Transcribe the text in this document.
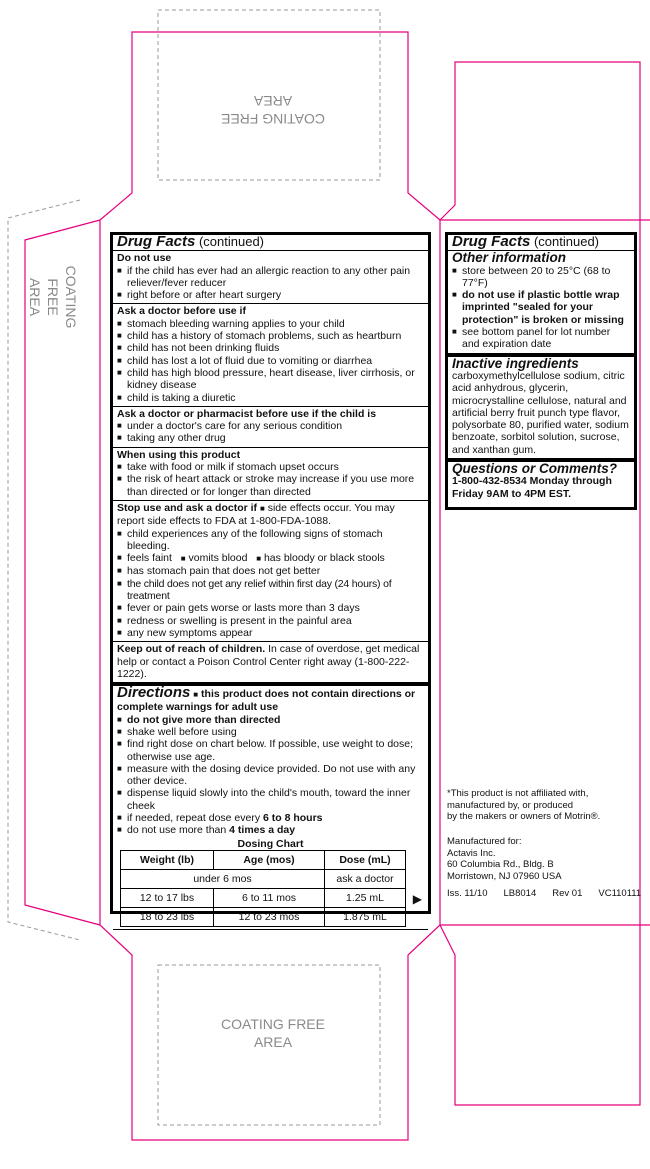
COATING FREE
AREA
COATING FREE
AREA
COATING FREE
AREA
Drug Facts (continued)
Do not use
■ if the child has ever had an allergic reaction to any other pain reliever/fever reducer
■ right before or after heart surgery
Ask a doctor before use if
■ stomach bleeding warning applies to your child
■ child has a history of stomach problems, such as heartburn
■ child has not been drinking fluids
■ child has lost a lot of fluid due to vomiting or diarrhea
■ child has high blood pressure, heart disease, liver cirrhosis, or kidney disease
■ child is taking a diuretic
Ask a doctor or pharmacist before use if the child is
■ under a doctor's care for any serious condition
■ taking any other drug
When using this product
■ take with food or milk if stomach upset occurs
■ the risk of heart attack or stroke may increase if you use more than directed or for longer than directed
Stop use and ask a doctor if ■ side effects occur. You may report side effects to FDA at 1-800-FDA-1088.
■ child experiences any of the following signs of stomach bleeding.
■ feels faint ■ vomits blood ■ has bloody or black stools
■ has stomach pain that does not get better
■ the child does not get any relief within first day (24 hours) of treatment
■ fever or pain gets worse or lasts more than 3 days
■ redness or swelling is present in the painful area
■ any new symptoms appear
Keep out of reach of children. In case of overdose, get medical help or contact a Poison Control Center right away (1-800-222-1222).
Directions ■ this product does not contain directions or complete warnings for adult use
■ do not give more than directed
■ shake well before using
■ find right dose on chart below. If possible, use weight to dose; otherwise use age.
■ measure with the dosing device provided. Do not use with any other device.
■ dispense liquid slowly into the child's mouth, toward the inner cheek
■ if needed, repeat dose every 6 to 8 hours
■ do not use more than 4 times a day
Dosing Chart
Weight (lb)	Age (mos)	Dose (mL)
under 6 mos		ask a doctor
12 to 17 lbs	6 to 11 mos	1.25 mL
18 to 23 lbs	12 to 23 mos	1.875 mL
▶
Drug Facts (continued)
Other information
■ store between 20 to 25°C (68 to 77°F)
■ do not use if plastic bottle wrap imprinted "sealed for your protection" is broken or missing
■ see bottom panel for lot number and expiration date
Inactive ingredients
carboxymethylcellulose sodium, citric acid anhydrous, glycerin, microcrystalline cellulose, natural and artificial berry fruit punch type flavor, polysorbate 80, purified water, sodium benzoate, sorbitol solution, sucrose, and xanthan gum.
Questions or Comments?
1-800-432-8534 Monday through Friday 9AM to 4PM EST.
*This product is not affiliated with,
manufactured by, or produced
by the makers or owners of Motrin®.
Manufactured for:
Actavis Inc.
60 Columbia Rd., Bldg. B
Morristown, NJ 07960 USA
Iss. 11/10 LB8014 Rev 01 VC110111
